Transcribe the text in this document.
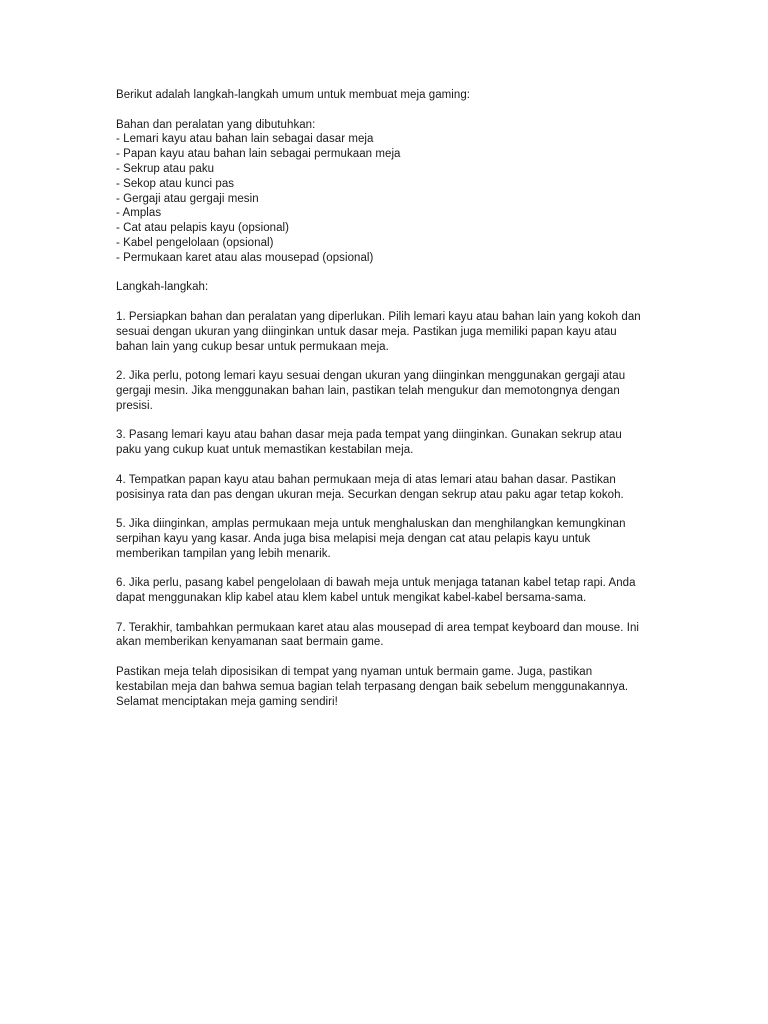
Berikut adalah langkah-langkah umum untuk membuat meja gaming:

Bahan dan peralatan yang dibutuhkan:

- Lemari kayu atau bahan lain sebagai dasar meja
- Papan kayu atau bahan lain sebagai permukaan meja
- Sekrup atau paku
- Sekop atau kunci pas
- Gergaji atau gergaji mesin
- Amplas
- Cat atau pelapis kayu (opsional)
- Kabel pengelolaan (opsional)
- Permukaan karet atau alas mousepad (opsional)

Langkah-langkah:

1. Persiapkan bahan dan peralatan yang diperlukan. Pilih lemari kayu atau bahan lain yang kokoh dan
sesuai dengan ukuran yang diinginkan untuk dasar meja. Pastikan juga memiliki papan kayu atau
bahan lain yang cukup besar untuk permukaan meja.

2. Jika perlu, potong lemari kayu sesuai dengan ukuran yang diinginkan menggunakan gergaji atau
gergaji mesin. Jika menggunakan bahan lain, pastikan telah mengukur dan memotongnya dengan
presisi.

3. Pasang lemari kayu atau bahan dasar meja pada tempat yang diinginkan. Gunakan sekrup atau
paku yang cukup kuat untuk memastikan kestabilan meja.

4. Tempatkan papan kayu atau bahan permukaan meja di atas lemari atau bahan dasar. Pastikan
posisinya rata dan pas dengan ukuran meja. Securkan dengan sekrup atau paku agar tetap kokoh.

5. Jika diinginkan, amplas permukaan meja untuk menghaluskan dan menghilangkan kemungkinan
serpihan kayu yang kasar. Anda juga bisa melapisi meja dengan cat atau pelapis kayu untuk
memberikan tampilan yang lebih menarik.

6. Jika perlu, pasang kabel pengelolaan di bawah meja untuk menjaga tatanan kabel tetap rapi. Anda
dapat menggunakan klip kabel atau klem kabel untuk mengikat kabel-kabel bersama-sama.

7. Terakhir, tambahkan permukaan karet atau alas mousepad di area tempat keyboard dan mouse. Ini
akan memberikan kenyamanan saat bermain game.

Pastikan meja telah diposisikan di tempat yang nyaman untuk bermain game. Juga, pastikan
kestabilan meja dan bahwa semua bagian telah terpasang dengan baik sebelum menggunakannya.
Selamat menciptakan meja gaming sendiri!
